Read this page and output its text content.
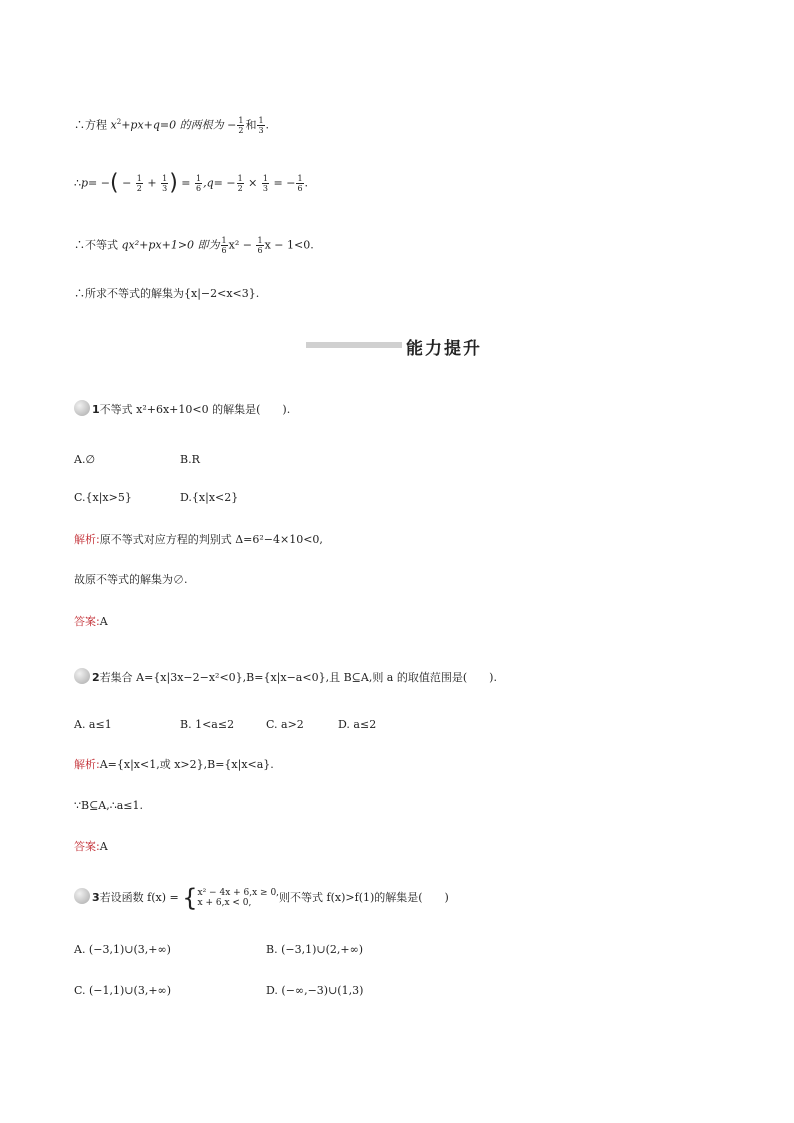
∴方程 $x^2+px+q=0$ 的两根为 − $\frac{1}{2}$ 和 $\frac{1}{3}$ .
∴p= −( − $\frac{1}{2} + \frac{1}{3}$ ) = $\frac{1}{6} ,q= - \frac{1}{2} \times \frac{1}{3}$ = − $\frac{1}{6}$ .
∴不等式 qx²+px+1>0 即为 $\frac{1}{6} x^2 - \frac{1}{6}$ x − 1<0.
∴所求不等式的解集为{x|−2<x<3}.
能力提升
1不等式 x²+6x+10<0 的解集是(　　).
A.∅	B.R
C.{x|x>5}	D.{x|x<2}
解析:原不等式对应方程的判别式 Δ=6²−4×10<0,
故原不等式的解集为∅.
答案:A
2若集合 A={x|3x−2−x²<0},B={x|x−a<0},且 B⊆A,则 a 的取值范围是(　　).
A. a≤1	B. 1<a≤2	C. a>2	D. a≤2
解析:A={x|x<1,或 x>2},B={x|x<a}.
∵B⊆A,∴a≤1.
答案:A
3若设函数 f(x) = { x² − 4x + 6,x ≥ 0,
x + 6,x < 0,	则不等式 f(x)>f(1)的解集是(　　)
A. (−3,1)∪(3,+∞)	B. (−3,1)∪(2,+∞)
C. (−1,1)∪(3,+∞)	D. (−∞,−3)∪(1,3)
